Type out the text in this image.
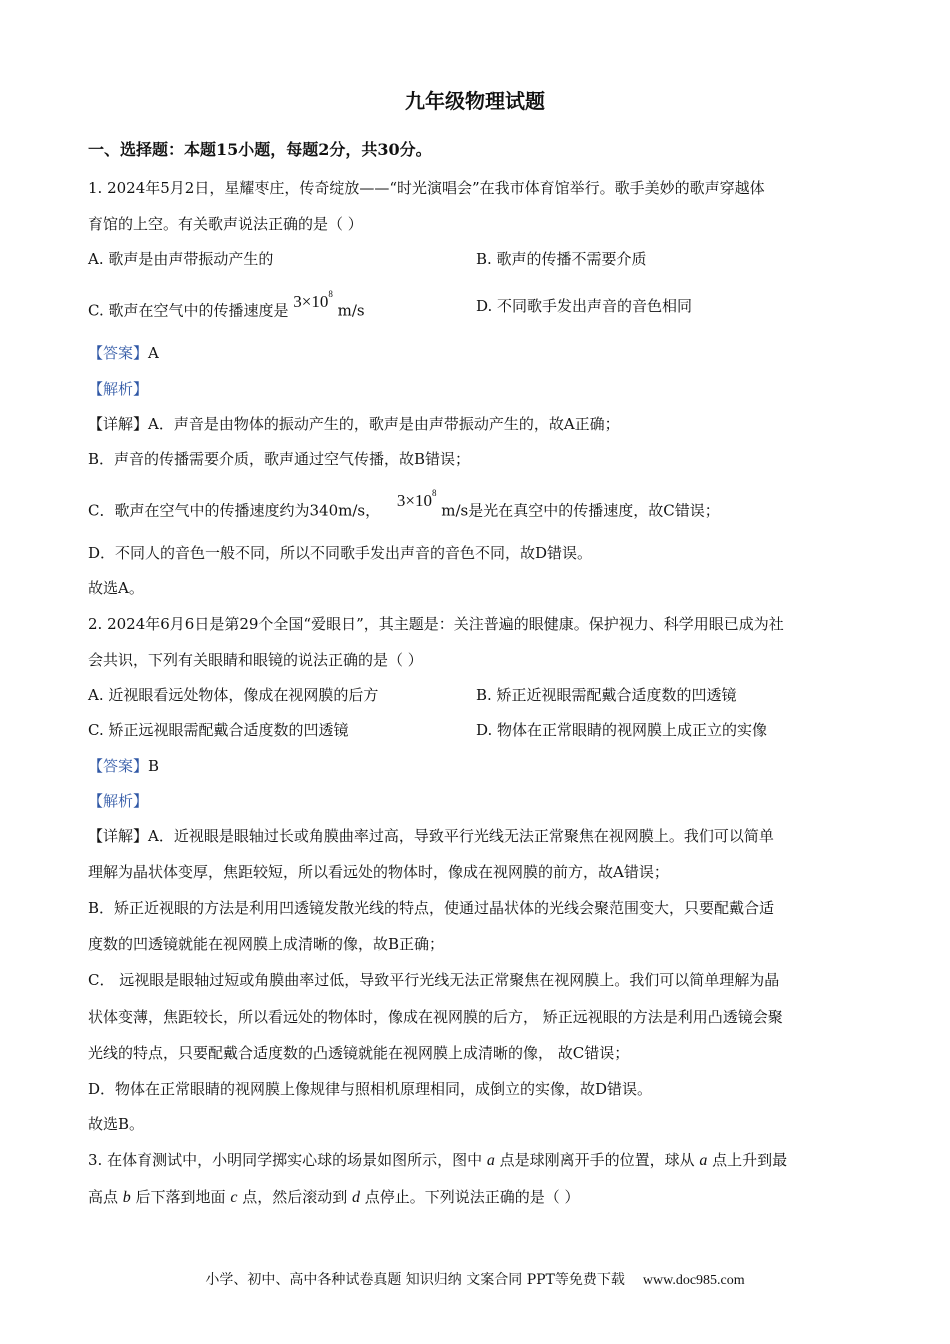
九年级物理试题
一、选择题：本题15小题，每题2分，共30分。
1. 2024年5月2日，星耀枣庄，传奇绽放——“时光演唱会”在我市体育馆举行。歌手美妙的歌声穿越体
育馆的上空。有关歌声说法正确的是（ ）
A. 歌声是由声带振动产生的	B. 歌声的传播不需要介质
C. 歌声在空气中的传播速度是 $3\times 10^8$ m/s	D. 不同歌手发出声音的音色相同
【答案】A
【解析】
【详解】A．声音是由物体的振动产生的，歌声是由声带振动产生的，故A正确；
B．声音的传播需要介质，歌声通过空气传播，故B错误；
C．歌声在空气中的传播速度约为340m/s， $3\times 10^8$ m/s是光在真空中的传播速度，故C错误；
D．不同人的音色一般不同，所以不同歌手发出声音的音色不同，故D错误。
故选A。
2. 2024年6月6日是第29个全国“爱眼日”，其主题是：关注普遍的眼健康。保护视力、科学用眼已成为社
会共识，下列有关眼睛和眼镜的说法正确的是（ ）
A. 近视眼看远处物体，像成在视网膜的后方	B. 矫正近视眼需配戴合适度数的凹透镜
C. 矫正远视眼需配戴合适度数的凹透镜	D. 物体在正常眼睛的视网膜上成正立的实像
【答案】B
【解析】
【详解】A．近视眼是眼轴过长或角膜曲率过高，导致平行光线无法正常聚焦在视网膜上。我们可以简单
理解为晶状体变厚，焦距较短，所以看远处的物体时，像成在视网膜的前方，故A错误；
B．矫正近视眼的方法是利用凹透镜发散光线的特点，使通过晶状体的光线会聚范围变大，只要配戴合适
度数的凹透镜就能在视网膜上成清晰的像，故B正确；
C． 远视眼是眼轴过短或角膜曲率过低，导致平行光线无法正常聚焦在视网膜上。我们可以简单理解为晶
状体变薄，焦距较长，所以看远处的物体时，像成在视网膜的后方， 矫正远视眼的方法是利用凸透镜会聚
光线的特点，只要配戴合适度数的凸透镜就能在视网膜上成清晰的像， 故C错误；
D．物体在正常眼睛的视网膜上像规律与照相机原理相同，成倒立的实像，故D错误。
故选B。
3. 在体育测试中，小明同学掷实心球的场景如图所示，图中 a 点是球刚离开手的位置，球从 a 点上升到最
高点 b 后下落到地面 c 点，然后滚动到 d 点停止。下列说法正确的是（ ）
小学、初中、高中各种试卷真题 知识归纳 文案合同 PPT等免费下载 www.doc985.com
